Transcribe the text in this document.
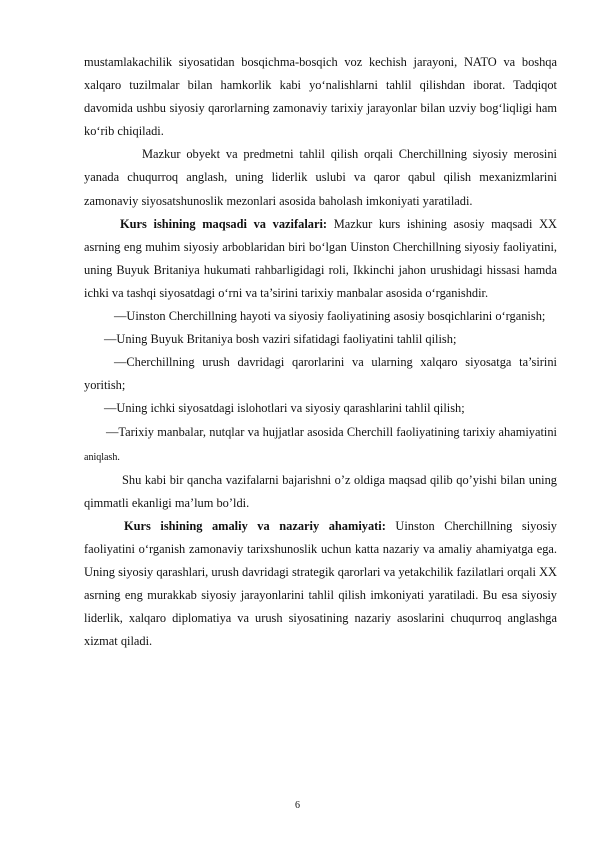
mustamlakachilik siyosatidan bosqichma-bosqich voz kechish jarayoni, NATO va boshqa xalqaro tuzilmalar bilan hamkorlik kabi yo‘nalishlarni tahlil qilishdan iborat. Tadqiqot davomida ushbu siyosiy qarorlarning zamonaviy tarixiy jarayonlar bilan uzviy bog‘liqligi ham ko‘rib chiqiladi.

Mazkur obyekt va predmetni tahlil qilish orqali Cherchillning siyosiy merosini yanada chuqurroq anglash, uning liderlik uslubi va qaror qabul qilish mexanizmlarini zamonaviy siyosatshunoslik mezonlari asosida baholash imkoniyati yaratiladi.

Kurs ishining maqsadi va vazifalari: Mazkur kurs ishining asosiy maqsadi XX asrning eng muhim siyosiy arboblaridan biri bo‘lgan Uinston Cherchillning siyosiy faoliyatini, uning Buyuk Britaniya hukumati rahbarligidagi roli, Ikkinchi jahon urushidagi hissasi hamda ichki va tashqi siyosatdagi o‘rni va ta’sirini tarixiy manbalar asosida o‘rganishdir.

—Uinston Cherchillning hayoti va siyosiy faoliyatining asosiy bosqichlarini o‘rganish;

—Uning Buyuk Britaniya bosh vaziri sifatidagi faoliyatini tahlil qilish;

—Cherchillning urush davridagi qarorlarini va ularning xalqaro siyosatga ta’sirini yoritish;

—Uning ichki siyosatdagi islohotlari va siyosiy qarashlarini tahlil qilish;

—Tarixiy manbalar, nutqlar va hujjatlar asosida Cherchill faoliyatining tarixiy ahamiyatini aniqlash.

Shu kabi bir qancha vazifalarni bajarishni o’z oldiga maqsad qilib qo’yishi bilan uning qimmatli ekanligi ma’lum bo’ldi.

Kurs ishining amaliy va nazariy ahamiyati: Uinston Cherchillning siyosiy faoliyatini o‘rganish zamonaviy tarixshunoslik uchun katta nazariy va amaliy ahamiyatga ega. Uning siyosiy qarashlari, urush davridagi strategik qarorlari va yetakchilik fazilatlari orqali XX asrning eng murakkab siyosiy jarayonlarini tahlil qilish imkoniyati yaratiladi. Bu esa siyosiy liderlik, xalqaro diplomatiya va urush siyosatining nazariy asoslarini chuqurroq anglashga xizmat qiladi.

6
